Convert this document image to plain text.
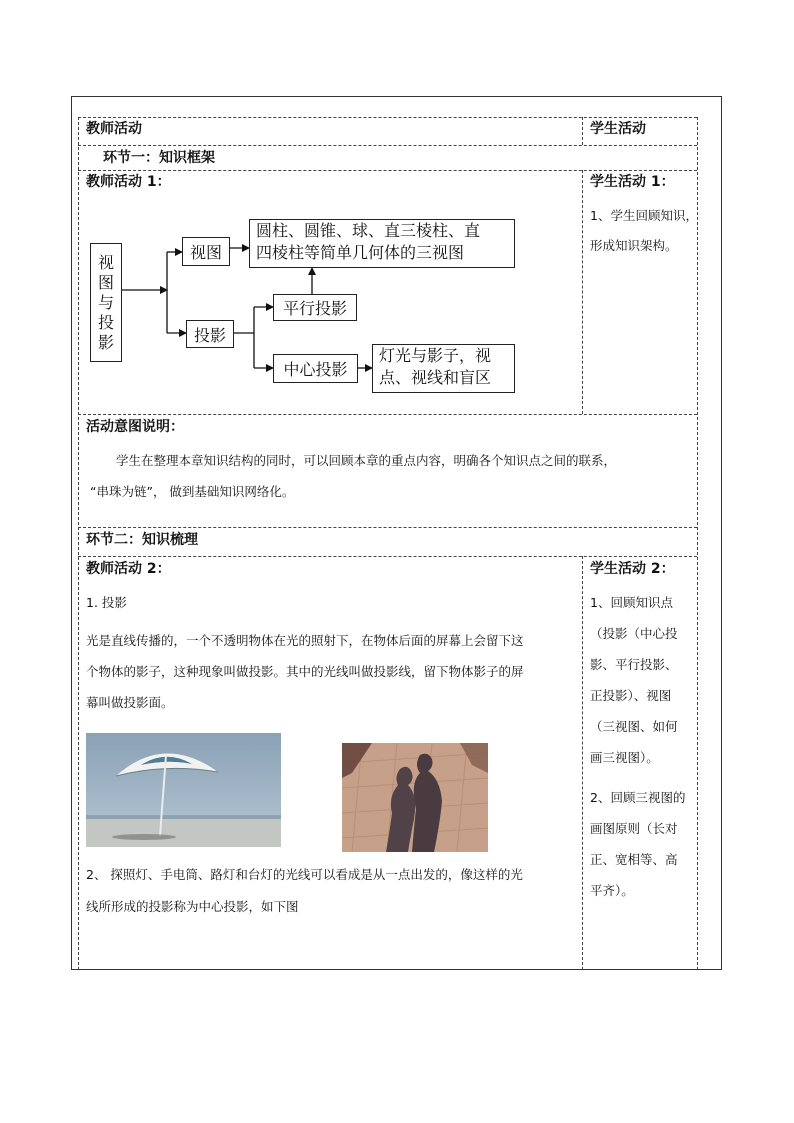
教师活动	学生活动
环节一：知识框架
教师活动 1：	学生活动 1：
1、学生回顾知识，
形成知识架构。
视
图
与
投
影
视图
圆柱、圆锥、球、直三棱柱、直
四棱柱等简单几何体的三视图
投影
平行投影
中心投影
灯光与影子，视
点、视线和盲区
活动意图说明：
学生在整理本章知识结构的同时，可以回顾本章的重点内容，明确各个知识点之间的联系，
“串珠为链”， 做到基础知识网络化。
环节二：知识梳理
教师活动 2：
1. 投影
光是直线传播的，一个不透明物体在光的照射下，在物体后面的屏幕上会留下这
个物体的影子，这种现象叫做投影。其中的光线叫做投影线，留下物体影子的屏
幕叫做投影面。
2、 探照灯、手电筒、路灯和台灯的光线可以看成是从一点出发的，像这样的光
线所形成的投影称为中心投影，如下图
学生活动 2：
1、回顾知识点
（投影（中心投
影、平行投影、
正投影）、视图
（三视图、如何
画三视图）。
2、回顾三视图的
画图原则（长对
正、宽相等、高
平齐）。
